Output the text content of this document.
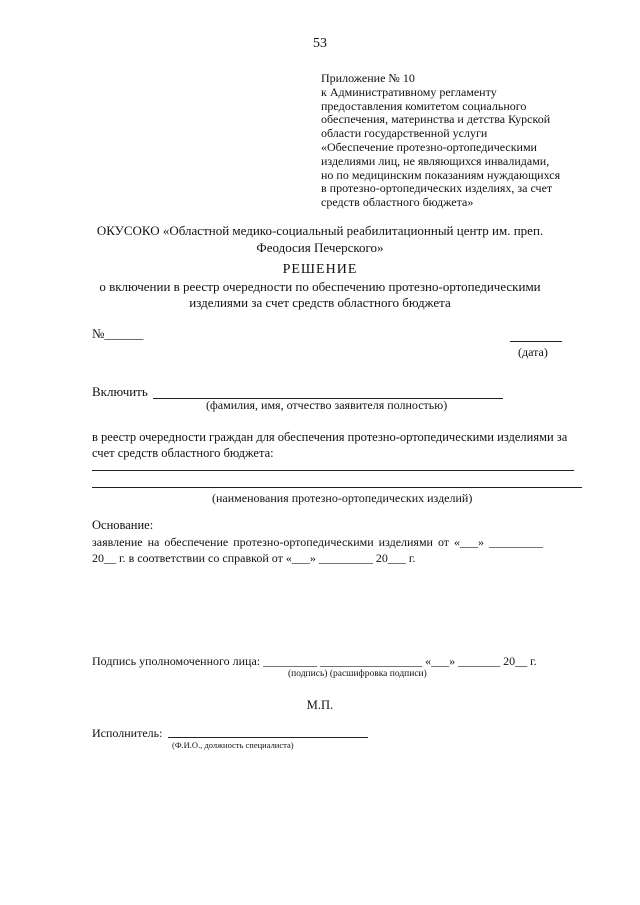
53
Приложение № 10
к Административному регламенту
предоставления комитетом социального
обеспечения, материнства и детства Курской
области государственной услуги
«Обеспечение протезно-ортопедическими
изделиями лиц, не являющихся инвалидами,
но по медицинским показаниям нуждающихся
в протезно-ортопедических изделиях, за счет
средств областного бюджета»
ОКУСОКО «Областной медико-социальный реабилитационный центр им. преп.
Феодосия Печерского»
РЕШЕНИЕ
о включении в реестр очередности по обеспечению протезно-ортопедическими
изделиями за счет средств областного бюджета
№______
(дата)
Включить
(фамилия, имя, отчество заявителя полностью)
в реестр очередности граждан для обеспечения протезно-ортопедическими изделиями за счет средств областного бюджета:
(наименования протезно-ортопедических изделий)
Основание:
заявление на обеспечение протезно-ортопедическими изделиями от «___» _________
20__ г. в соответствии со справкой от «___» _________ 20___ г.
Подпись уполномоченного лица: _________ _________________ «___» _______ 20__ г.
(подпись) (расшифровка подписи)
М.П.
Исполнитель:
(Ф.И.О., должность специалиста)
